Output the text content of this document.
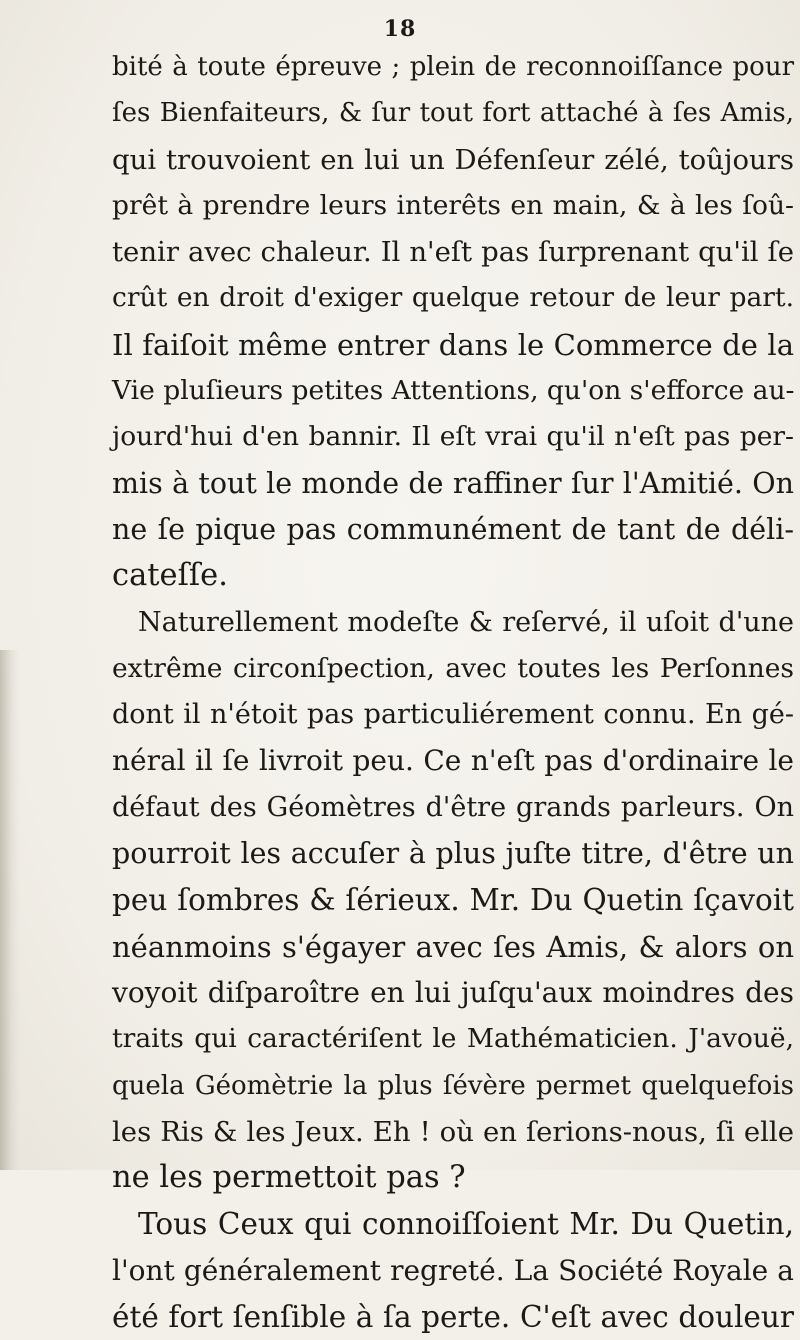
18
bité à toute épreuve ; plein de reconnoiſſance pour
ſes Bienfaiteurs, & ſur tout fort attaché à ſes Amis,
qui trouvoient en lui un Défenſeur zélé, toûjours
prêt à prendre leurs interêts en main, & à les ſoû-
tenir avec chaleur. Il n'eſt pas ſurprenant qu'il ſe
crût en droit d'exiger quelque retour de leur part.
Il faiſoit même entrer dans le Commerce de la
Vie pluſieurs petites Attentions, qu'on s'efforce au-
jourd'hui d'en bannir. Il eſt vrai qu'il n'eſt pas per-
mis à tout le monde de raffiner ſur l'Amitié. On
ne ſe pique pas communément de tant de déli-
cateſſe.
Naturellement modeſte & reſervé, il uſoit d'une
extrême circonſpection, avec toutes les Perſonnes
dont il n'étoit pas particuliérement connu. En gé-
néral il ſe livroit peu. Ce n'eſt pas d'ordinaire le
défaut des Géomètres d'être grands parleurs. On
pourroit les accuſer à plus juſte titre, d'être un
peu ſombres & ſérieux. Mr. Du Quetin ſçavoit
néanmoins s'égayer avec ſes Amis, & alors on
voyoit diſparoître en lui juſqu'aux moindres des
traits qui caractériſent le Mathématicien. J'avouë,
quela Géomètrie la plus ſévère permet quelquefois
les Ris & les Jeux. Eh ! où en ſerions-nous, ſi elle
ne les permettoit pas ?
Tous Ceux qui connoiſſoient Mr. Du Quetin,
l'ont généralement regreté. La Société Royale a
été fort ſenſible à ſa perte. C'eſt avec douleur
